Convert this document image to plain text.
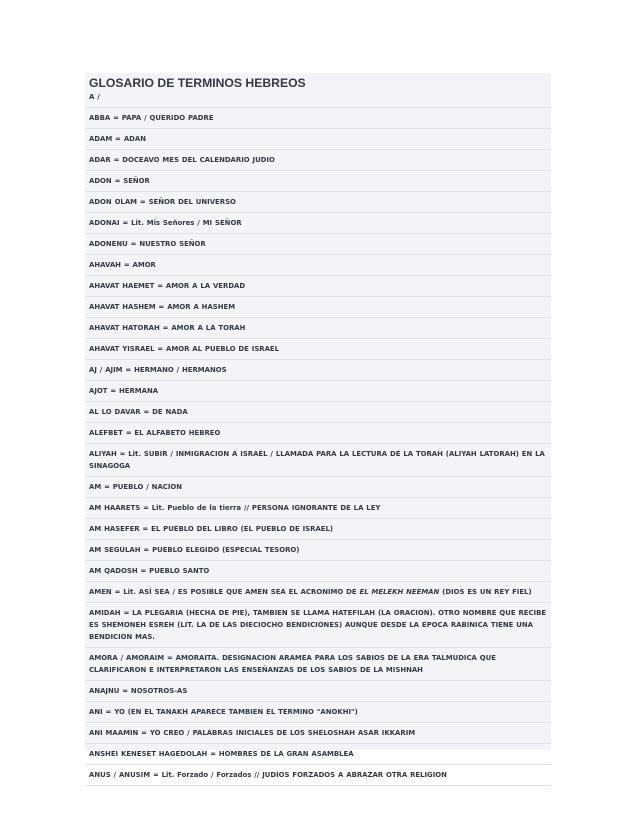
GLOSARIO DE TERMINOS HEBREOS
A /
ABBA = PAPA / QUERIDO PADRE
ADAM = ADAN
ADAR = DOCEAVO MES DEL CALENDARIO JUDIO
ADON = SEÑOR
ADON OLAM = SEÑOR DEL UNIVERSO
ADONAI = Lit. Mis Señores / MI SEÑOR
ADONENU = NUESTRO SEÑOR
AHAVAH = AMOR
AHAVAT HAEMET = AMOR A LA VERDAD
AHAVAT HASHEM = AMOR A HASHEM
AHAVAT HATORAH = AMOR A LA TORAH
AHAVAT YISRAEL = AMOR AL PUEBLO DE ISRAEL
AJ / AJIM = HERMANO / HERMANOS
AJOT = HERMANA
AL LO DAVAR = DE NADA
ALEFBET = EL ALFABETO HEBREO
ALIYAH = Lit. SUBIR / INMIGRACION A ISRAEL / LLAMADA PARA LA LECTURA DE LA TORAH (ALIYAH LATORAH) EN LA SINAGOGA
AM = PUEBLO / NACION
AM HAARETS = Lit. Pueblo de la tierra // PERSONA IGNORANTE DE LA LEY
AM HASEFER = EL PUEBLO DEL LIBRO (EL PUEBLO DE ISRAEL)
AM SEGULAH = PUEBLO ELEGIDO (ESPECIAL TESORO)
AM QADOSH = PUEBLO SANTO
AMEN = Lit. ASÍ SEA / ES POSIBLE QUE AMEN SEA EL ACRONIMO DE EL MELEKH NEEMAN (DIOS ES UN REY FIEL)
AMIDAH = LA PLEGARIA (HECHA DE PIE), TAMBIEN SE LLAMA HATEFILAH (LA ORACION). OTRO NOMBRE QUE RECIBE ES SHEMONEH ESREH (LIT. LA DE LAS DIECIOCHO BENDICIONES) AUNQUE DESDE LA EPOCA RABINICA TIENE UNA BENDICION MAS.
AMORA / AMORAIM = AMORAITA. DESIGNACION ARAMEA PARA LOS SABIOS DE LA ERA TALMUDICA QUE CLARIFICARON E INTERPRETARON LAS ENSEÑANZAS DE LOS SABIOS DE LA MISHNAH
ANAJNU = NOSOTROS-AS
ANI = YO (EN EL TANAKH APARECE TAMBIEN EL TERMINO "ANOKHI")
ANI MAAMIN = YO CREO / PALABRAS INICIALES DE LOS SHELOSHAH ASAR IKKARIM
ANSHEI KENESET HAGEDOLAH = HOMBRES DE LA GRAN ASAMBLEA
ANUS / ANUSIM = Lit. Forzado / Forzados // JUDIOS FORZADOS A ABRAZAR OTRA RELIGION
